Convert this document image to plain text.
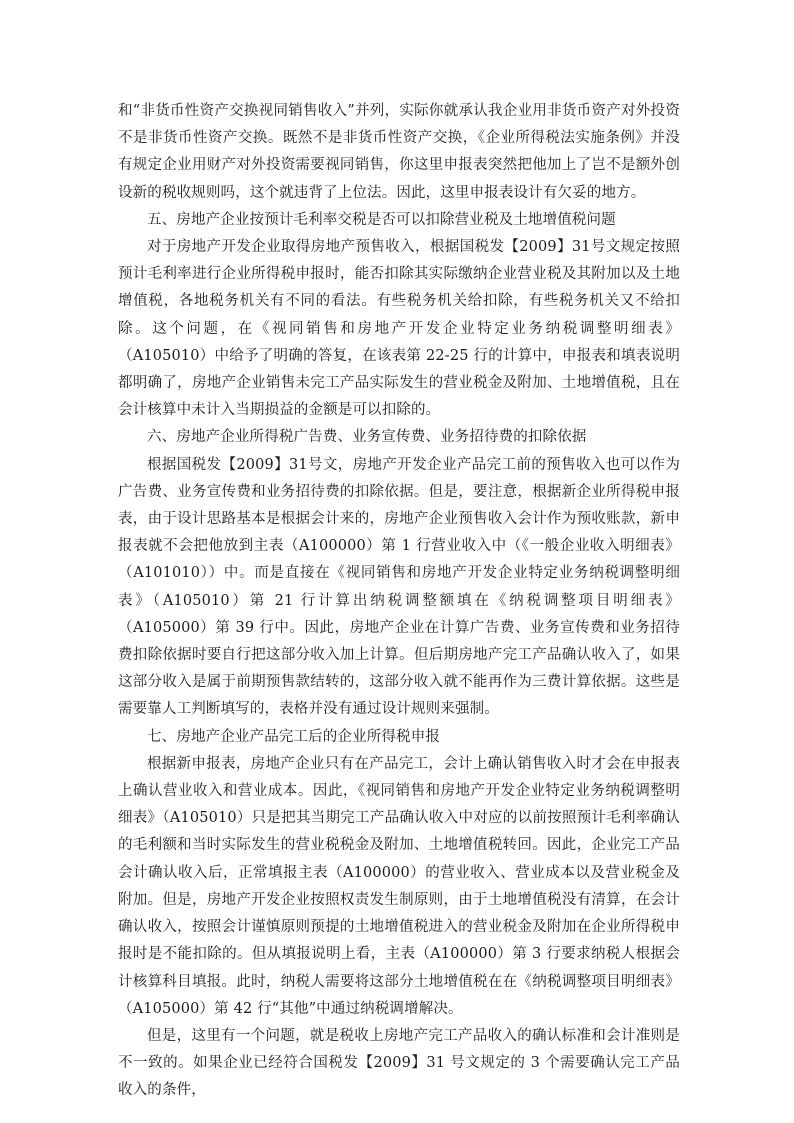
和“非货币性资产交换视同销售收入”并列，实际你就承认我企业用非货币资产对外投资不是非货币性资产交换。既然不是非货币性资产交换，《企业所得税法实施条例》并没有规定企业用财产对外投资需要视同销售，你这里申报表突然把他加上了岂不是额外创设新的税收规则吗，这个就违背了上位法。因此，这里申报表设计有欠妥的地方。

五、房地产企业按预计毛利率交税是否可以扣除营业税及土地增值税问题

对于房地产开发企业取得房地产预售收入，根据国税发【2009】31号文规定按照预计毛利率进行企业所得税申报时，能否扣除其实际缴纳企业营业税及其附加以及土地增值税，各地税务机关有不同的看法。有些税务机关给扣除，有些税务机关又不给扣除。这个问题，在《视同销售和房地产开发企业特定业务纳税调整明细表》（A105010）中给予了明确的答复，在该表第 22-25 行的计算中，申报表和填表说明都明确了，房地产企业销售未完工产品实际发生的营业税金及附加、土地增值税，且在会计核算中未计入当期损益的金额是可以扣除的。

六、房地产企业所得税广告费、业务宣传费、业务招待费的扣除依据

根据国税发【2009】31号文，房地产开发企业产品完工前的预售收入也可以作为广告费、业务宣传费和业务招待费的扣除依据。但是，要注意，根据新企业所得税申报表，由于设计思路基本是根据会计来的，房地产企业预售收入会计作为预收账款，新申报表就不会把他放到主表（A100000）第 1 行营业收入中（《一般企业收入明细表》（A101010））中。而是直接在《视同销售和房地产开发企业特定业务纳税调整明细表》（A105010）第 21 行计算出纳税调整额填在《纳税调整项目明细表》（A105000）第 39 行中。因此，房地产企业在计算广告费、业务宣传费和业务招待费扣除依据时要自行把这部分收入加上计算。但后期房地产完工产品确认收入了，如果这部分收入是属于前期预售款结转的，这部分收入就不能再作为三费计算依据。这些是需要靠人工判断填写的，表格并没有通过设计规则来强制。

七、房地产企业产品完工后的企业所得税申报

根据新申报表，房地产企业只有在产品完工，会计上确认销售收入时才会在申报表上确认营业收入和营业成本。因此，《视同销售和房地产开发企业特定业务纳税调整明细表》（A105010）只是把其当期完工产品确认收入中对应的以前按照预计毛利率确认的毛利额和当时实际发生的营业税税金及附加、土地增值税转回。因此，企业完工产品会计确认收入后，正常填报主表（A100000）的营业收入、营业成本以及营业税金及附加。但是，房地产开发企业按照权责发生制原则，由于土地增值税没有清算，在会计确认收入，按照会计谨慎原则预提的土地增值税进入的营业税金及附加在企业所得税申报时是不能扣除的。但从填报说明上看，主表（A100000）第 3 行要求纳税人根据会计核算科目填报。此时，纳税人需要将这部分土地增值税在在《纳税调整项目明细表》（A105000）第 42 行“其他”中通过纳税调增解决。

但是，这里有一个问题，就是税收上房地产完工产品收入的确认标准和会计准则是不一致的。如果企业已经符合国税发【2009】31 号文规定的 3 个需要确认完工产品收入的条件，
